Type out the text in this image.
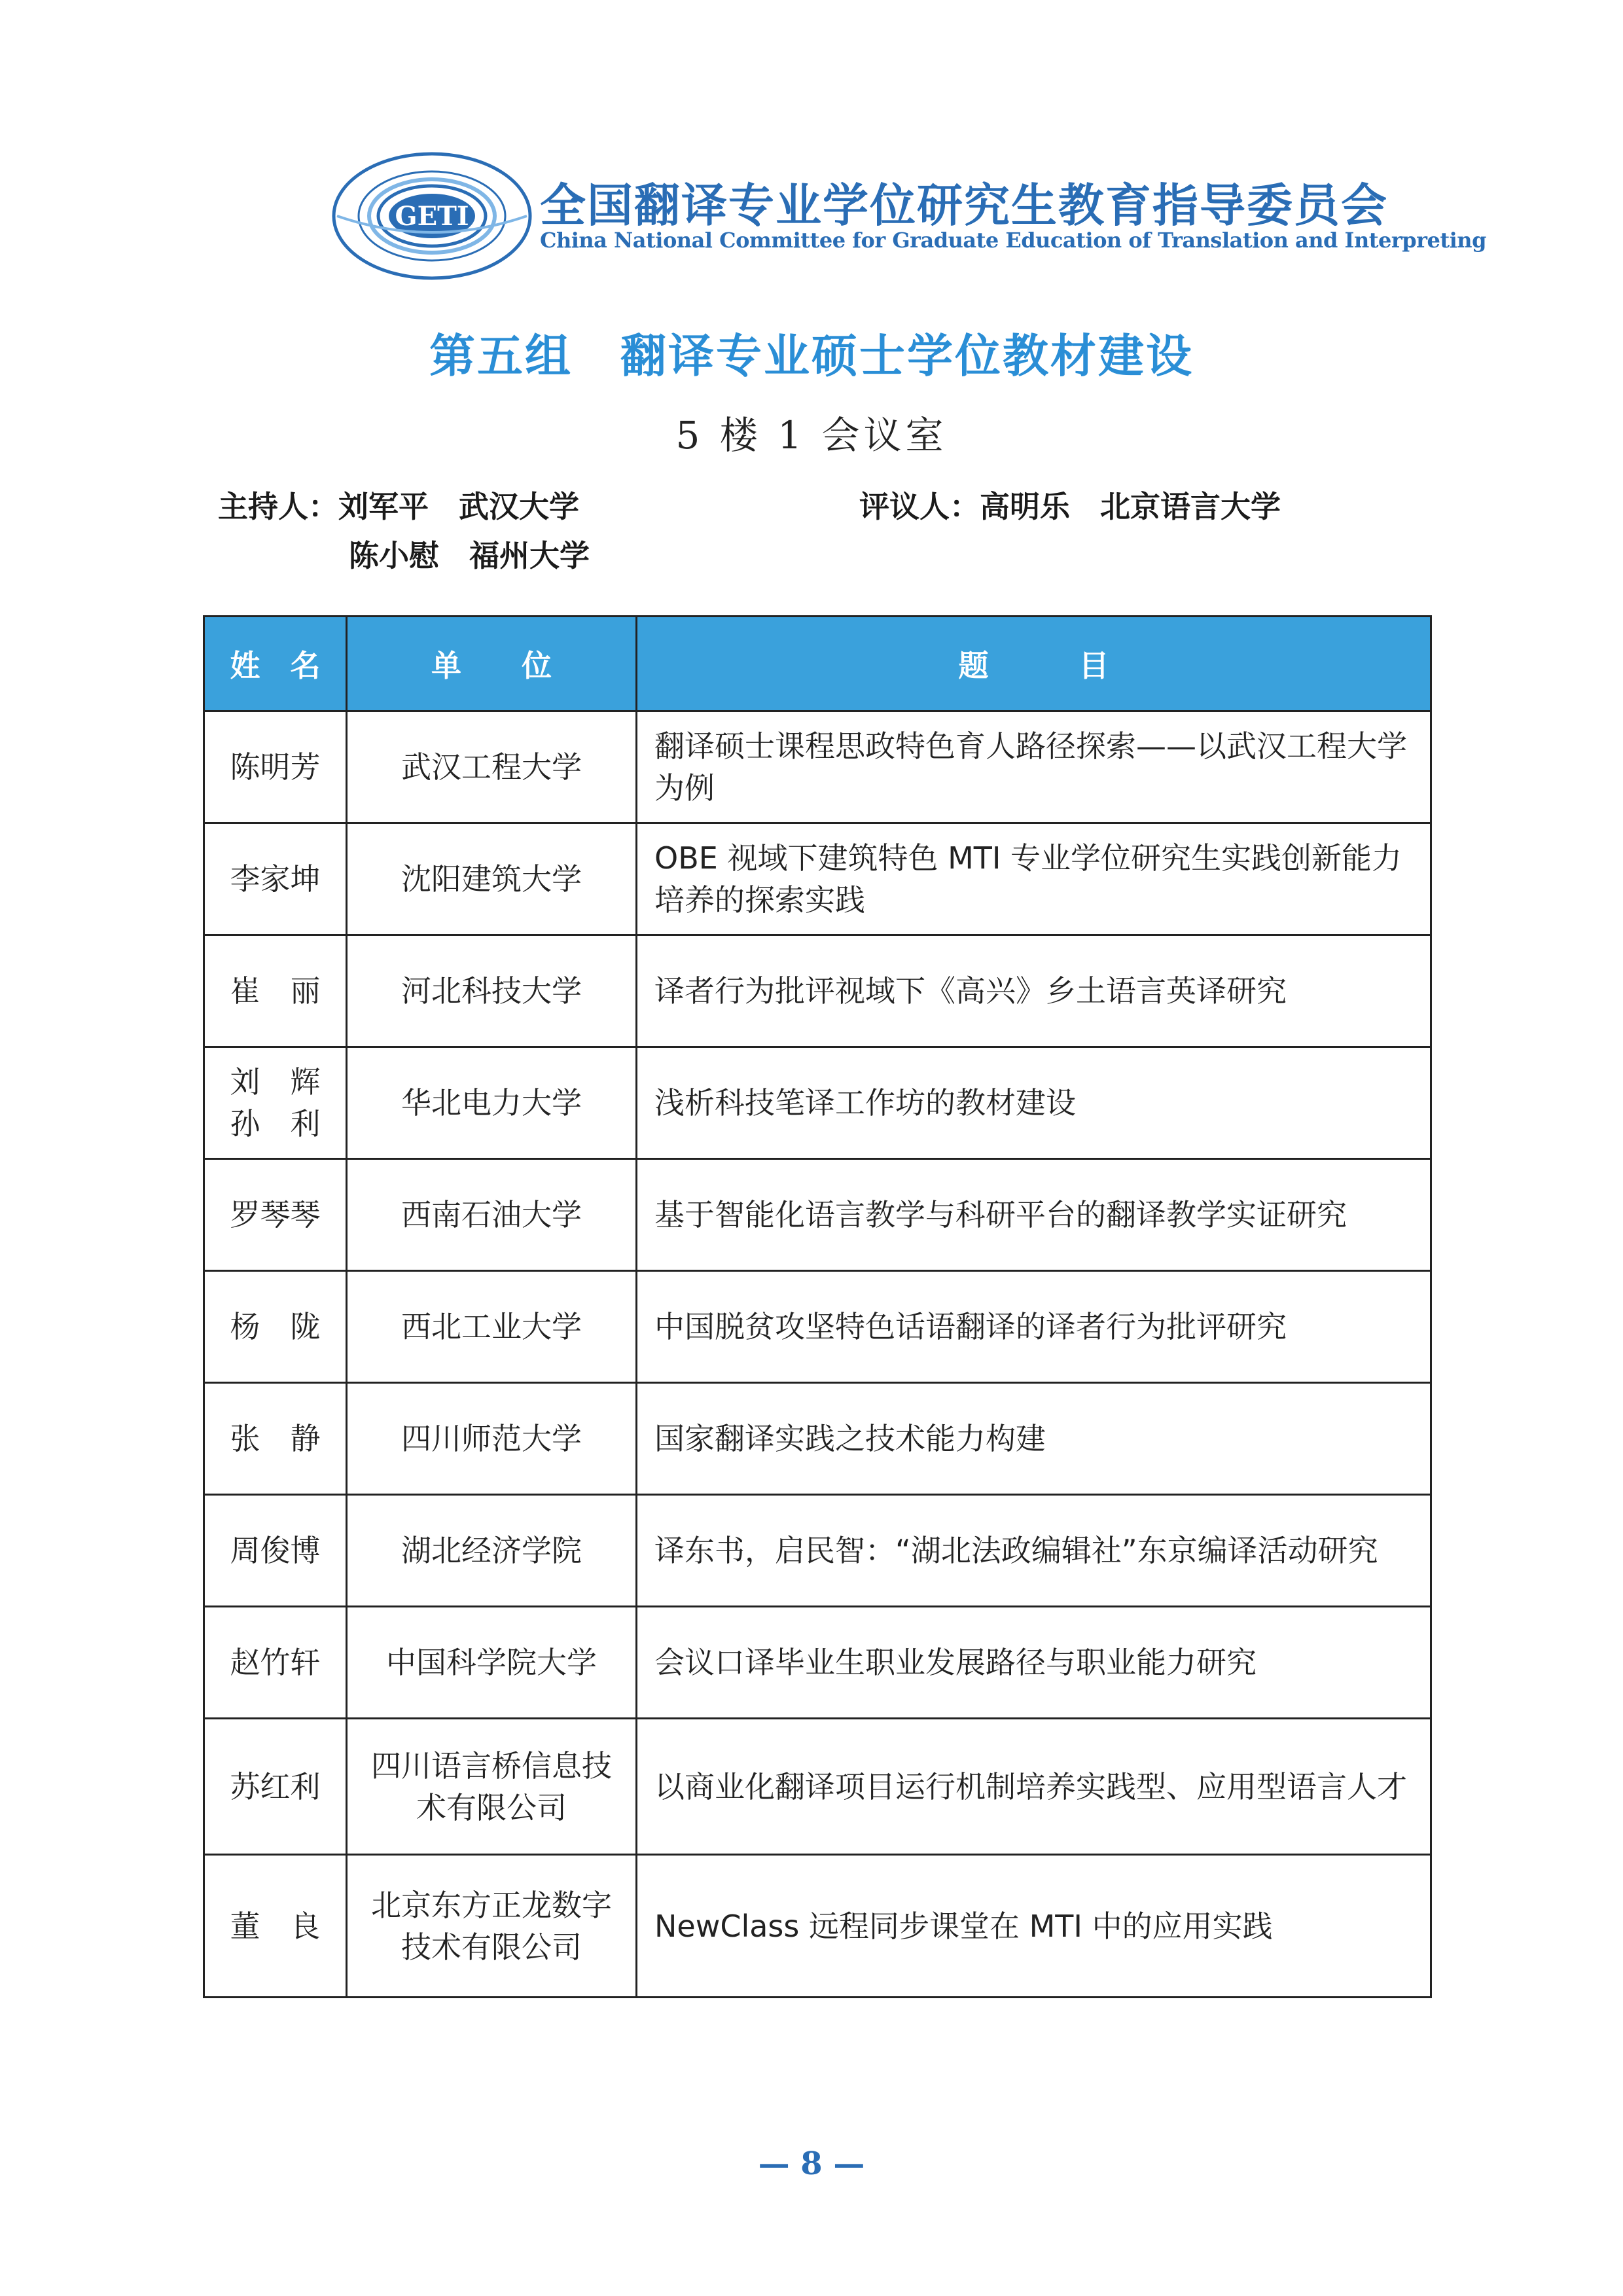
GETI 全国翻译专业学位研究生教育指导委员会
China National Committee for Graduate Education of Translation and Interpreting
第五组　翻译专业硕士学位教材建设
5 楼 1 会议室
主持人：刘军平　武汉大学
陈小慰　福州大学
评议人：高明乐　北京语言大学
姓　名	单　　位	题　　　目

陈明芳	武汉工程大学	翻译硕士课程思政特色育人路径探索——以武汉工程大学为例

李家坤	沈阳建筑大学	OBE 视域下建筑特色 MTI 专业学位研究生实践创新能力培养的探索实践

崔　丽	河北科技大学	译者行为批评视域下《高兴》乡土语言英译研究

刘　辉
孙　利	华北电力大学	浅析科技笔译工作坊的教材建设

罗琴琴	西南石油大学	基于智能化语言教学与科研平台的翻译教学实证研究

杨　陇	西北工业大学	中国脱贫攻坚特色话语翻译的译者行为批评研究

张　静	四川师范大学	国家翻译实践之技术能力构建

周俊博	湖北经济学院	译东书，启民智：“湖北法政编辑社”东京编译活动研究

赵竹轩	中国科学院大学	会议口译毕业生职业发展路径与职业能力研究

苏红利	四川语言桥信息技术有限公司	以商业化翻译项目运行机制培养实践型、应用型语言人才

董　良	北京东方正龙数字技术有限公司	NewClass 远程同步课堂在 MTI 中的应用实践
— 8 —
